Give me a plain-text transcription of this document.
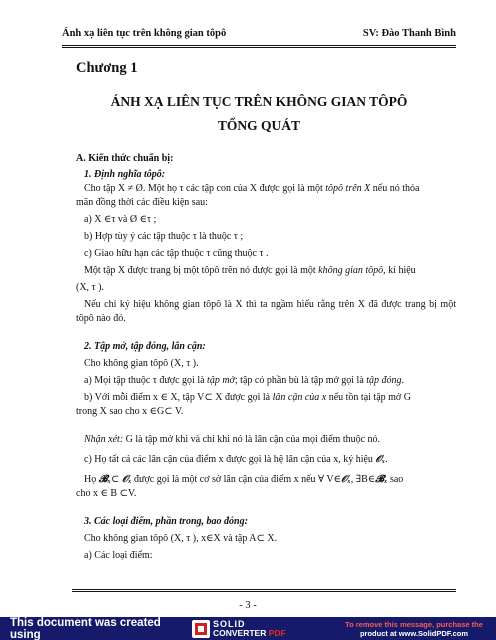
Ánh xạ liên tục trên không gian tôpô	SV: Đào Thanh Bình
Chương 1
ÁNH XẠ LIÊN TỤC TRÊN KHÔNG GIAN TÔPÔ
TỔNG QUÁT
A. Kiến thức chuẩn bị:
1. Định nghĩa tôpô:
Cho tập X ≠ Ø. Một họ τ các tập con của X được gọi là một tôpô trên X nếu nó thỏa
mãn đồng thời các điều kiện sau:
a) X ∈τ và Ø ∈τ ;
b) Hợp tùy ý các tập thuộc τ là thuộc τ ;
c) Giao hữu hạn các tập thuộc τ cũng thuộc τ .
Một tập X được trang bị một tôpô trên nó được gọi là một không gian tôpô, kí hiệu
(X, τ ).
Nếu chỉ ký hiệu không gian tôpô là X thì ta ngầm hiểu rằng trên X đã được trang bị một tôpô nào đó.
2. Tập mở, tập đóng, lân cận:
Cho không gian tôpô (X, τ ).
a) Mọi tập thuộc τ được gọi là tập mở; tập có phần bù là tập mở gọi là tập đóng.
b) Với mỗi điểm x ∈ X, tập V⊂ X được gọi là lân cận của x nếu tồn tại tập mở G
trong X sao cho x ∈G⊂ V.
Nhận xét: G là tập mở khi và chỉ khi nó là lân cận của mọi điểm thuộc nó.
c) Họ tất cả các lân cận của điểm x được gọi là hệ lân cận của x, ký hiệu 𝒪ₓ.
Họ 𝓑ₓ⊂ 𝒪ₓ được gọi là một cơ sở lân cận của điểm x nếu ∀ V∈𝒪ₓ, ∃B∈𝓑ₓ sao
cho x ∈ B ⊂V.
3. Các loại điểm, phần trong, bao đóng:
Cho không gian tôpô (X, τ ), x∈X và tập A⊂ X.
a) Các loại điểm:
- 3 -
This document was created using
SOLID
CONVERTER PDF
To remove this message, purchase the
product at www.SolidPDF.com
